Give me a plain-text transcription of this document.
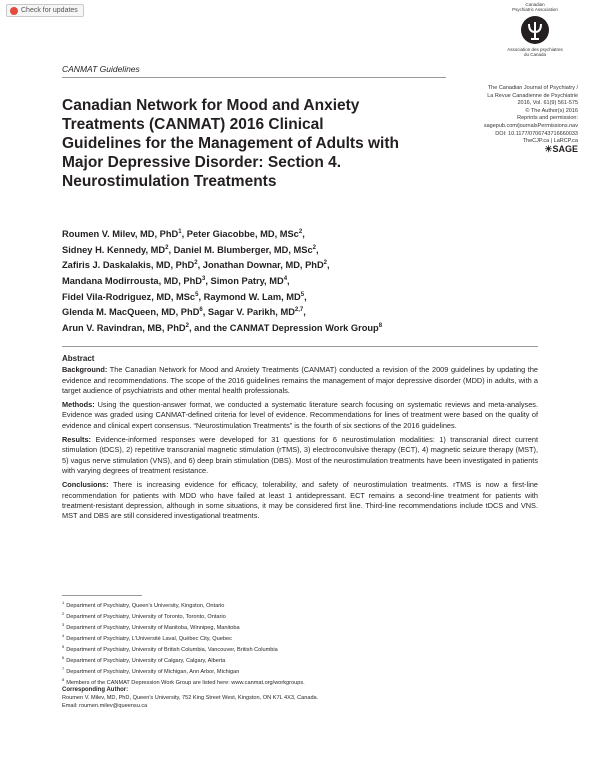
Check for updates
CANMAT Guidelines
Canadian
Psychiatric Association
Association des psychiatres
du Canada
The Canadian Journal of Psychiatry /
La Revue Canadienne de Psychiatrie
2016, Vol. 61(9) 561-575
© The Author(s) 2016
Reprints and permission:
sagepub.com/journalsPermissions.nav
DOI: 10.1177/0706743716660033
TheCJP.ca | LaRCP.ca
☀SAGE
Canadian Network for Mood and Anxiety Treatments (CANMAT) 2016 Clinical Guidelines for the Management of Adults with Major Depressive Disorder: Section 4. Neurostimulation Treatments
Roumen V. Milev, MD, PhD$^1$, Peter Giacobbe, MD, MSc$^2$,
Sidney H. Kennedy, $MD^2$, Daniel M. Blumberger, MD, MSc$^2$,
Zafiris J. Daskalakis, MD, PhD$^2$, Jonathan Downar, MD, PhD$^2$,
Mandana Modirrousta, MD, PhD$^3$, Simon Patry, $MD^4$,
Fidel Vila-Rodriguez, MD, MSc$^5$, Raymond W. Lam, $MD^5$,
Glenda M. MacQueen, MD, PhD$^6$, Sagar V. Parikh, MD$^{2,7}$,
Arun V. Ravindran, MB, PhD$^2$, and the CANMAT Depression Work Group$^8$
Abstract

Background: The Canadian Network for Mood and Anxiety Treatments (CANMAT) conducted a revision of the 2009 guidelines by updating the evidence and recommendations. The scope of the 2016 guidelines remains the management of major depressive disorder (MDD) in adults, with a target audience of psychiatrists and other mental health professionals.

Methods: Using the question-answer format, we conducted a systematic literature search focusing on systematic reviews and meta-analyses. Evidence was graded using CANMAT-defined criteria for level of evidence. Recommendations for lines of treatment were based on the quality of evidence and clinical expert consensus. “Neurostimulation Treatments” is the fourth of six sections of the 2016 guidelines.

Results: Evidence-informed responses were developed for 31 questions for 6 neurostimulation modalities: 1) transcranial direct current stimulation (tDCS), 2) repetitive transcranial magnetic stimulation (rTMS), 3) electroconvulsive therapy (ECT), 4) magnetic seizure therapy (MST), 5) vagus nerve stimulation (VNS), and 6) deep brain stimulation (DBS). Most of the neurostimulation treatments have been investigated in patients with varying degrees of treatment resistance.

Conclusions: There is increasing evidence for efficacy, tolerability, and safety of neurostimulation treatments. rTMS is now a first-line recommendation for patients with MDD who have failed at least 1 antidepressant. ECT remains a second-line treatment for patients with treatment-resistant depression, although in some situations, it may be considered first line. Third-line recommendations include tDCS and VNS. MST and DBS are still considered investigational treatments.

$^1$Department of Psychiatry, Queen's University, Kingston, Ontario
$^2$Department of Psychiatry, University of Toronto, Toronto, Ontario
$^3$Department of Psychiatry, University of Manitoba, Winnipeg, Manitoba
$^4$Department of Psychiatry, L'Université Laval, Québec City, Quebec
$^5$Department of Psychiatry, University of British Columbia, Vancouver, British Columbia
$^6$Department of Psychiatry, University of Calgary, Calgary, Alberta
$^7$Department of Psychiatry, University of Michigan, Ann Arbor, Michigan
$^8$Members of the CANMAT Depression Work Group are listed here: www.canmat.org/workgroups.
Corresponding Author:
Roumen V. Milev, MD, PhD, Queen's University, 752 King Street West, Kingston, ON K7L 4X3, Canada.
Email: roumen.milev@queensu.ca
